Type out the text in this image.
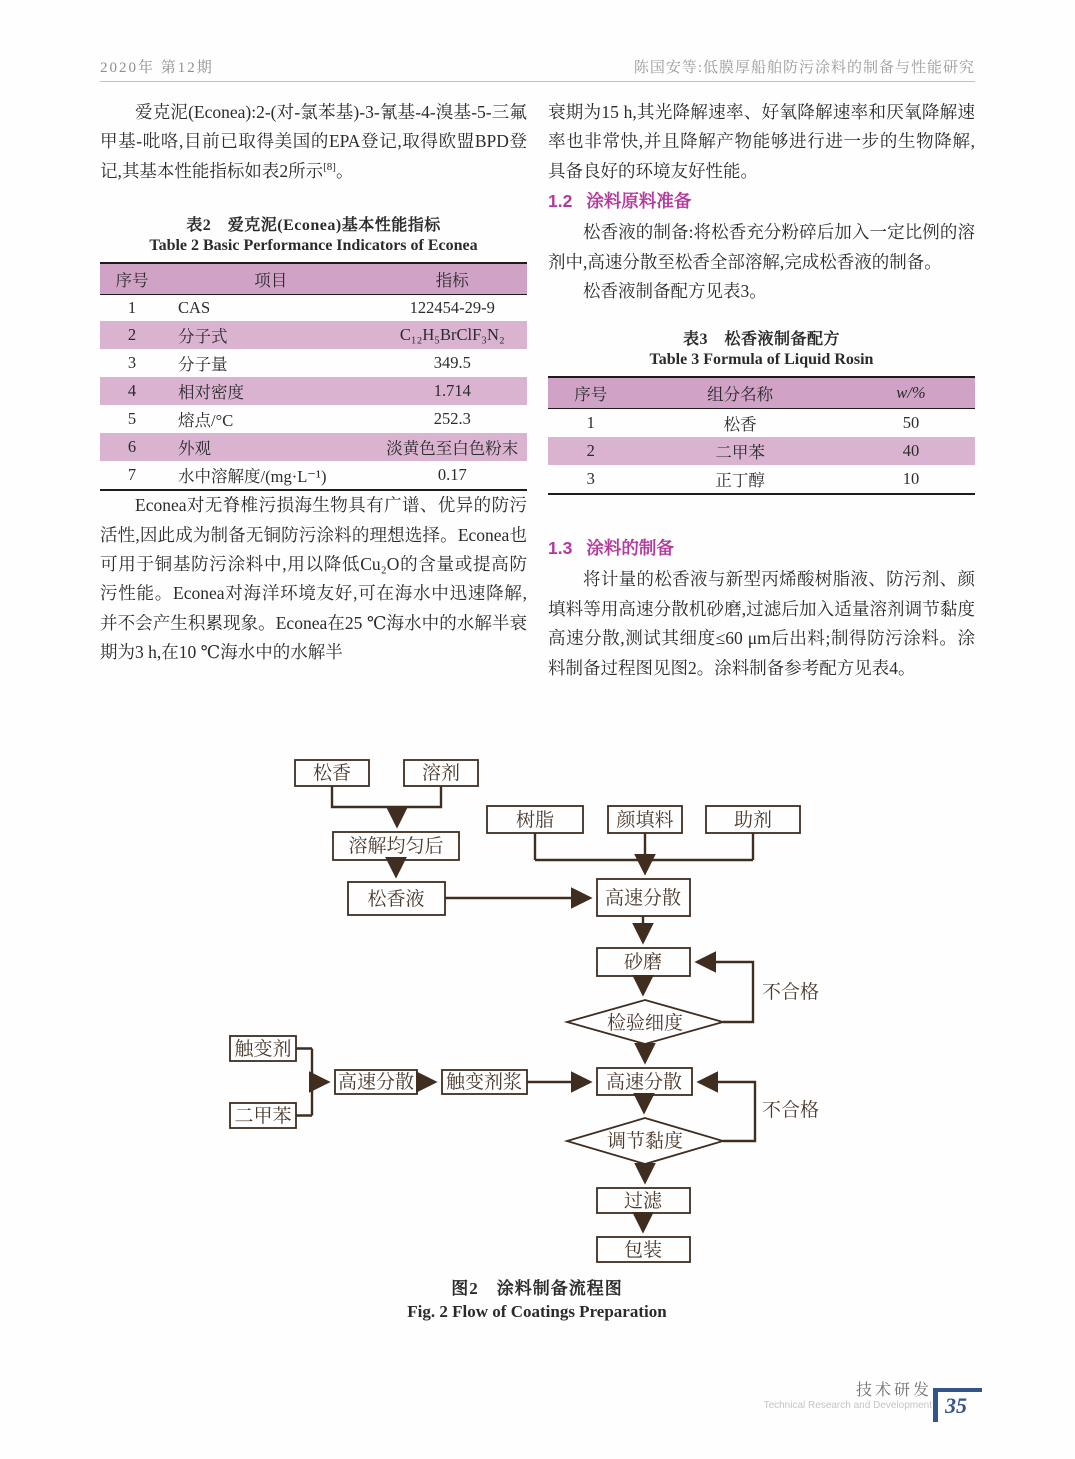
2020年 第12期	陈国安等:低膜厚船舶防污涂料的制备与性能研究

爱克泥(Econea):2-(对-氯苯基)-3-氰基-4-溴基-5-三氟甲基-吡咯,目前已取得美国的EPA登记,取得欧盟BPD登记,其基本性能指标如表2所示[8]。

表2　爱克泥(Econea)基本性能指标

Table 2 Basic Performance Indicators of Econea

序号	项目	指标
1	CAS	122454-29-9
2	分子式	C₁₂H₅BrClF₃N₂
3	分子量	349.5
4	相对密度	1.714
5	熔点/°C	252.3
6	外观	淡黄色至白色粉末
7	水中溶解度/(mg·L⁻¹)	0.17

Econea对无脊椎污损海生物具有广谱、优异的防污活性,因此成为制备无铜防污涂料的理想选择。Econea也可用于铜基防污涂料中,用以降低Cu₂O的含量或提高防污性能。Econea对海洋环境友好,可在海水中迅速降解,并不会产生积累现象。Econea在25 ℃海水中的水解半衰期为3 h,在10 ℃海水中的水解半

衰期为15 h,其光降解速率、好氧降解速率和厌氧降解速率也非常快,并且降解产物能够进行进一步的生物降解,具备良好的环境友好性能。

1.2 涂料原料准备

松香液的制备:将松香充分粉碎后加入一定比例的溶剂中,高速分散至松香全部溶解,完成松香液的制备。

松香液制备配方见表3。

表3　松香液制备配方

Table 3 Formula of Liquid Rosin

序号	组分名称	w/%
1	松香	50
2	二甲苯	40
3	正丁醇	10
1.3 涂料的制备

将计量的松香液与新型丙烯酸树脂液、防污剂、颜填料等用高速分散机砂磨,过滤后加入适量溶剂调节黏度高速分散,测试其细度≤60 μm后出料;制得防污涂料。涂料制备过程图见图2。涂料制备参考配方见表4。

松香	溶剂
溶解均匀后
松香液
树脂	颜填料	助剂
高速分散
砂磨
检验细度
触变剂
二甲苯
高速分散 触变剂浆	高速分散
调节黏度
过滤
包装
不合格
不合格

图2　涂料制备流程图

Fig. 2 Flow of Coatings Preparation

技术研发
Technical Research and Development 35
